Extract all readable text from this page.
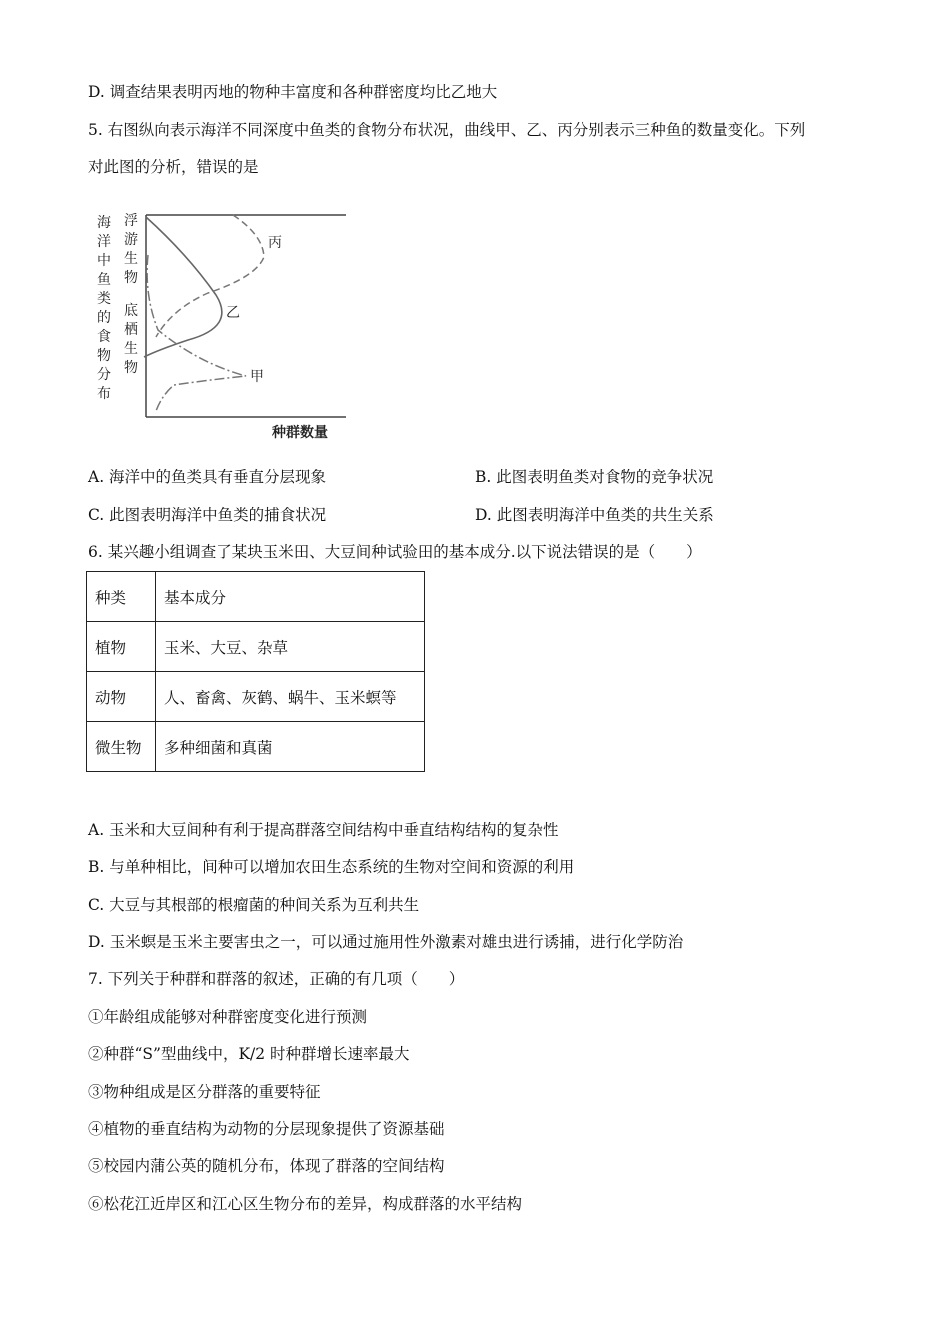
D. 调查结果表明丙地的物种丰富度和各种群密度均比乙地大
5. 右图纵向表示海洋不同深度中鱼类的食物分布状况，曲线甲、乙、丙分别表示三种鱼的数量变化。下列
对此图的分析，错误的是
海 洋 中 鱼 类 的 食 物 分 布
浮 游 生 物
底 栖 生 物
丙
乙
甲
种群数量
A. 海洋中的鱼类具有垂直分层现象	B. 此图表明鱼类对食物的竞争状况
C. 此图表明海洋中鱼类的捕食状况	D. 此图表明海洋中鱼类的共生关系
6. 某兴趣小组调查了某块玉米田、大豆间种试验田的基本成分.以下说法错误的是（　　）
种类	基本成分
植物	玉米、大豆、杂草
动物	人、畜禽、灰鹤、蜗牛、玉米螟等
微生物	多种细菌和真菌
A. 玉米和大豆间种有利于提高群落空间结构中垂直结构结构的复杂性
B. 与单种相比，间种可以增加农田生态系统的生物对空间和资源的利用
C. 大豆与其根部的根瘤菌的种间关系为互利共生
D. 玉米螟是玉米主要害虫之一，可以通过施用性外激素对雄虫进行诱捕，进行化学防治
7. 下列关于种群和群落的叙述，正确的有几项（　　）
①年龄组成能够对种群密度变化进行预测
②种群“S”型曲线中，K/2 时种群增长速率最大
③物种组成是区分群落的重要特征
④植物的垂直结构为动物的分层现象提供了资源基础
⑤校园内蒲公英的随机分布，体现了群落的空间结构
⑥松花江近岸区和江心区生物分布的差异，构成群落的水平结构
